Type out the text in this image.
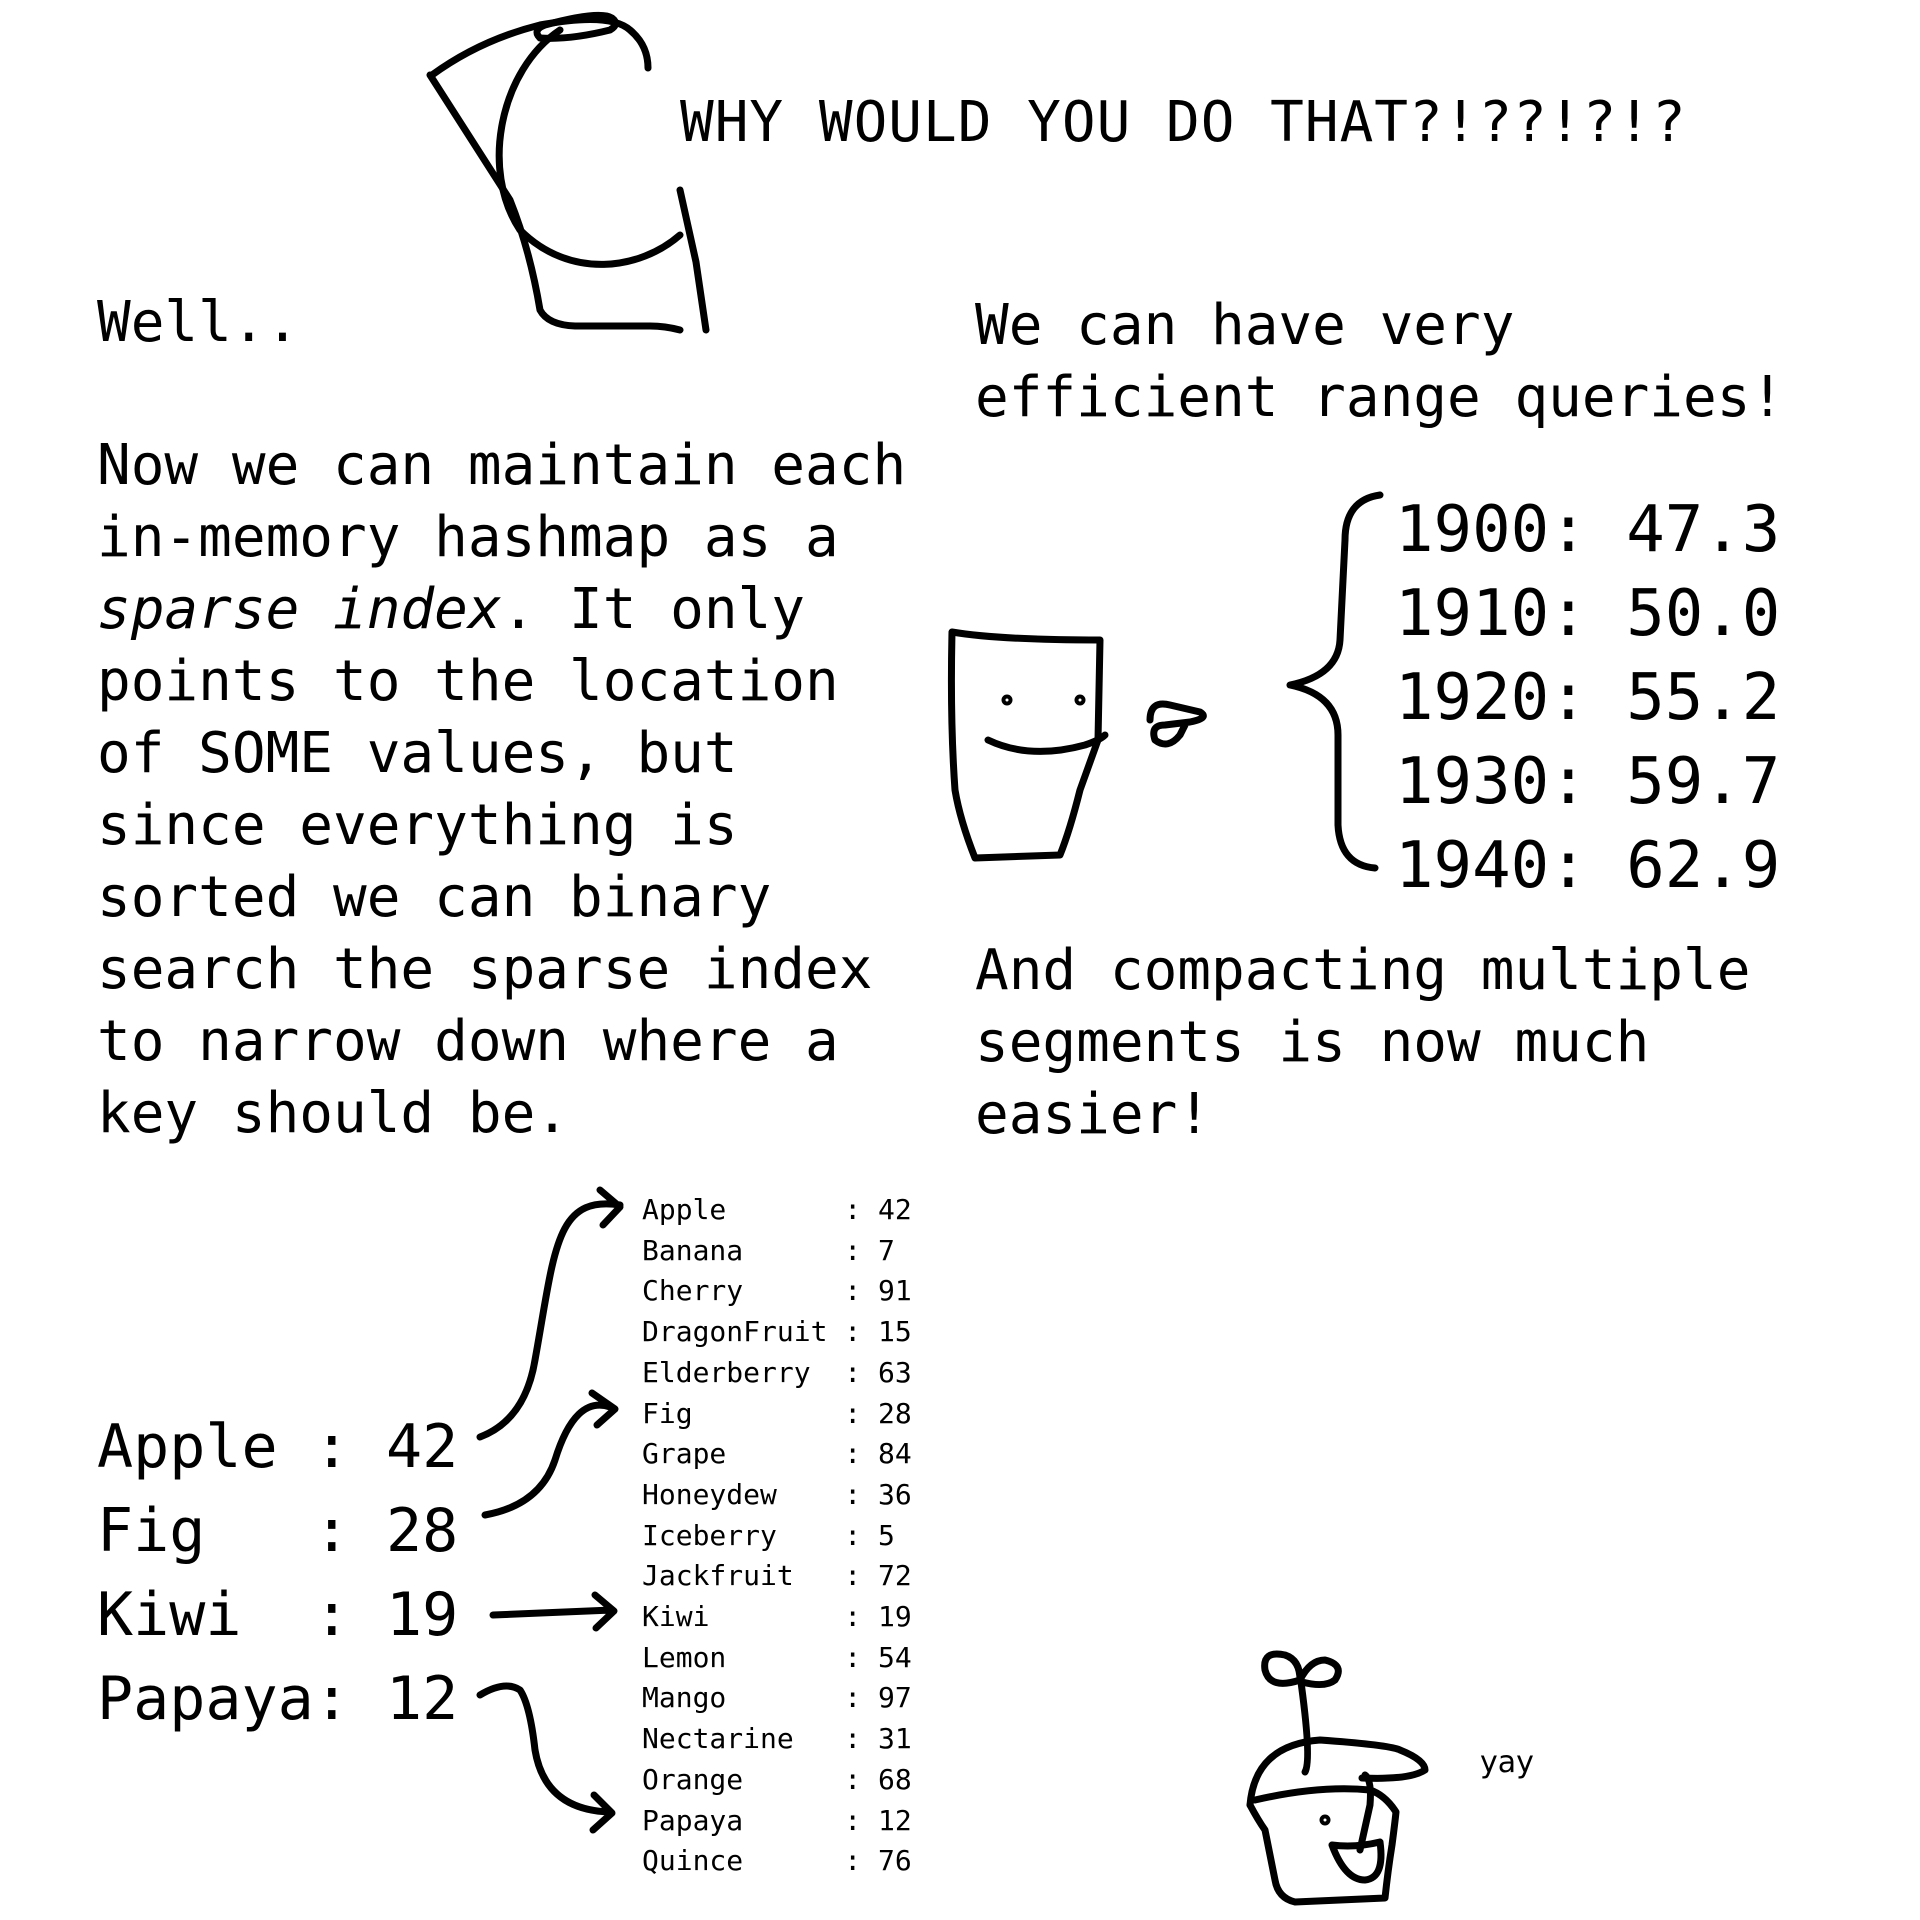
WHY WOULD YOU DO THAT?!??!?!?
Well..
Now we can maintain each
in-memory hashmap as a
sparse index. It only
points to the location
of SOME values, but
since everything is
sorted we can binary
search the sparse index
to narrow down where a
key should be.
We can have very
efficient range queries!
1900: 47.3
1910: 50.0
1920: 55.2
1930: 59.7
1940: 62.9
And compacting multiple
segments is now much
easier!
Apple : 42
Fig   : 28
Kiwi  : 19
Papaya: 12
Apple       : 42
Banana      : 7
Cherry      : 91
DragonFruit : 15
Elderberry  : 63
Fig         : 28
Grape       : 84
Honeydew    : 36
Iceberry    : 5
Jackfruit   : 72
Kiwi        : 19
Lemon       : 54
Mango       : 97
Nectarine   : 31
Orange      : 68
Papaya      : 12
Quince      : 76
yay
